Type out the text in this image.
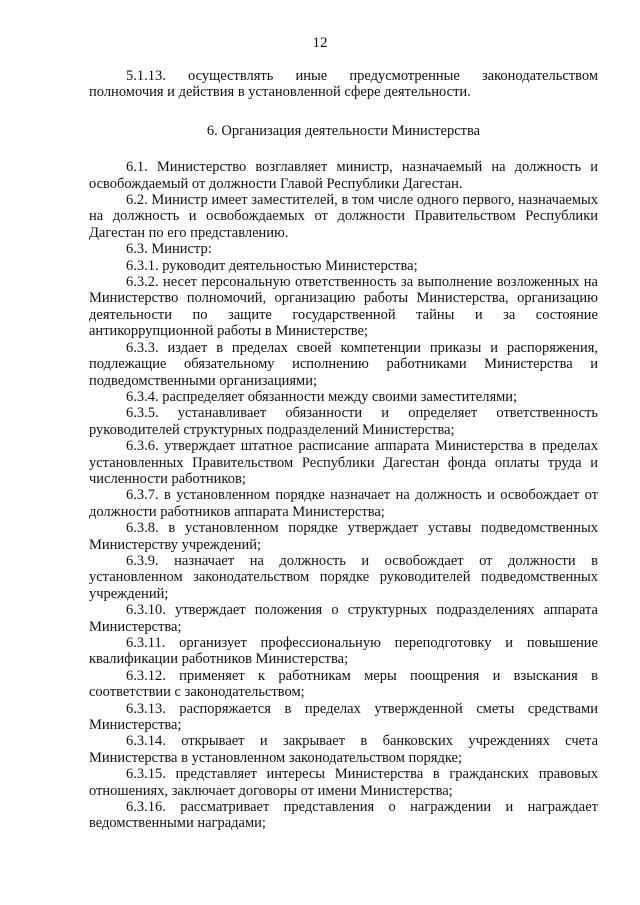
12

5.1.13. осуществлять иные предусмотренные законодательством полномочия и действия в установленной сфере деятельности.

6. Организация деятельности Министерства

6.1. Министерство возглавляет министр, назначаемый на должность и освобождаемый от должности Главой Республики Дагестан.

6.2. Министр имеет заместителей, в том числе одного первого, назначаемых на должность и освобождаемых от должности Правительством Республики Дагестан по его представлению.

6.3. Министр:

6.3.1. руководит деятельностью Министерства;

6.3.2. несет персональную ответственность за выполнение возложенных на Министерство полномочий, организацию работы Министерства, организацию деятельности по защите государственной тайны и за состояние антикоррупционной работы в Министерстве;

6.3.3. издает в пределах своей компетенции приказы и распоряжения, подлежащие обязательному исполнению работниками Министерства и подведомственными организациями;

6.3.4. распределяет обязанности между своими заместителями;

6.3.5. устанавливает обязанности и определяет ответственность руководителей структурных подразделений Министерства;

6.3.6. утверждает штатное расписание аппарата Министерства в пределах установленных Правительством Республики Дагестан фонда оплаты труда и численности работников;

6.3.7. в установленном порядке назначает на должность и освобождает от должности работников аппарата Министерства;

6.3.8. в установленном порядке утверждает уставы подведомственных Министерству учреждений;

6.3.9. назначает на должность и освобождает от должности в установленном законодательством порядке руководителей подведомственных учреждений;

6.3.10. утверждает положения о структурных подразделениях аппарата Министерства;

6.3.11. организует профессиональную переподготовку и повышение квалификации работников Министерства;

6.3.12. применяет к работникам меры поощрения и взыскания в соответствии с законодательством;

6.3.13. распоряжается в пределах утвержденной сметы средствами Министерства;

6.3.14. открывает и закрывает в банковских учреждениях счета Министерства в установленном законодательством порядке;

6.3.15. представляет интересы Министерства в гражданских правовых отношениях, заключает договоры от имени Министерства;

6.3.16. рассматривает представления о награждении и награждает ведомственными наградами;
